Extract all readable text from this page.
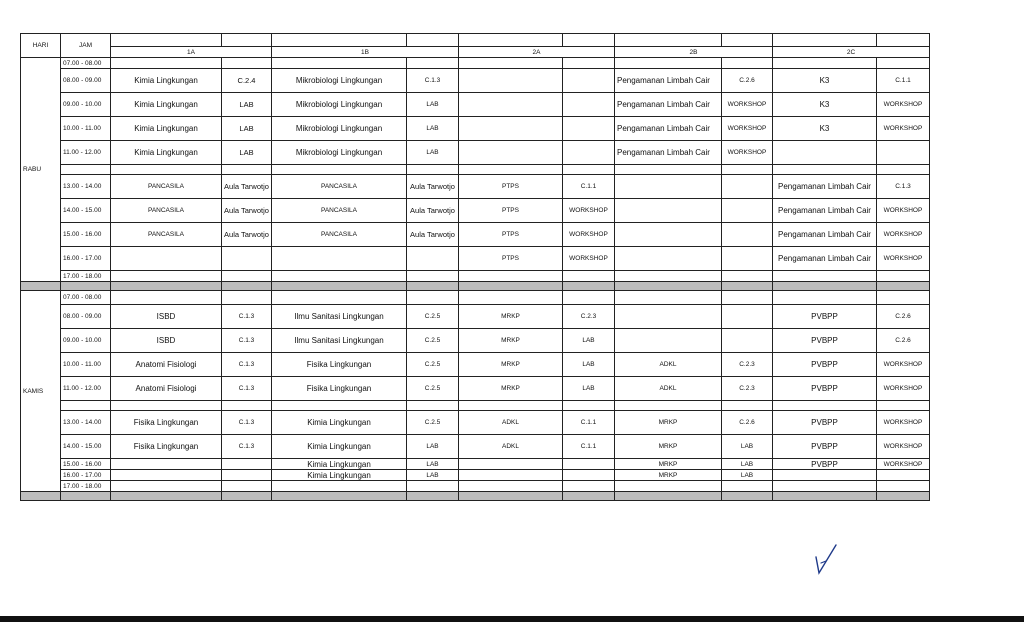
HARI	JAM										
		1A		1B		2A		2B		2C	
RABU	07.00 - 08.00										
	08.00 - 09.00	Kimia Lingkungan	C.2.4	Mikrobiologi Lingkungan	C.1.3			Pengamanan Limbah Cair	C.2.6	K3	C.1.1
	09.00 - 10.00	Kimia Lingkungan	LAB	Mikrobiologi Lingkungan	LAB			Pengamanan Limbah Cair	WORKSHOP	K3	WORKSHOP
	10.00 - 11.00	Kimia Lingkungan	LAB	Mikrobiologi Lingkungan	LAB			Pengamanan Limbah Cair	WORKSHOP	K3	WORKSHOP
	11.00 - 12.00	Kimia Lingkungan	LAB	Mikrobiologi Lingkungan	LAB			Pengamanan Limbah Cair	WORKSHOP		

	13.00 - 14.00	PANCASILA	Aula Tarwotjo	PANCASILA	Aula Tarwotjo	PTPS	C.1.1			Pengamanan Limbah Cair	C.1.3
	14.00 - 15.00	PANCASILA	Aula Tarwotjo	PANCASILA	Aula Tarwotjo	PTPS	WORKSHOP			Pengamanan Limbah Cair	WORKSHOP
	15.00 - 16.00	PANCASILA	Aula Tarwotjo	PANCASILA	Aula Tarwotjo	PTPS	WORKSHOP			Pengamanan Limbah Cair	WORKSHOP
	16.00 - 17.00					PTPS	WORKSHOP			Pengamanan Limbah Cair	WORKSHOP
	17.00 - 18.00										

KAMIS	07.00 - 08.00										
	08.00 - 09.00	ISBD	C.1.3	Ilmu Sanitasi Lingkungan	C.2.5	MRKP	C.2.3			PVBPP	C.2.6
	09.00 - 10.00	ISBD	C.1.3	Ilmu Sanitasi Lingkungan	C.2.5	MRKP	LAB			PVBPP	C.2.6
	10.00 - 11.00	Anatomi Fisiologi	C.1.3	Fisika Lingkungan	C.2.5	MRKP	LAB	ADKL	C.2.3	PVBPP	WORKSHOP
	11.00 - 12.00	Anatomi Fisiologi	C.1.3	Fisika Lingkungan	C.2.5	MRKP	LAB	ADKL	C.2.3	PVBPP	WORKSHOP

	13.00 - 14.00	Fisika Lingkungan	C.1.3	Kimia Lingkungan	C.2.5	ADKL	C.1.1	MRKP	C.2.6	PVBPP	WORKSHOP
	14.00 - 15.00	Fisika Lingkungan	C.1.3	Kimia Lingkungan	LAB	ADKL	C.1.1	MRKP	LAB	PVBPP	WORKSHOP
	15.00 - 16.00			Kimia Lingkungan	LAB			MRKP	LAB	PVBPP	WORKSHOP
	16.00 - 17.00			Kimia Lingkungan	LAB			MRKP	LAB		
	17.00 - 18.00										
